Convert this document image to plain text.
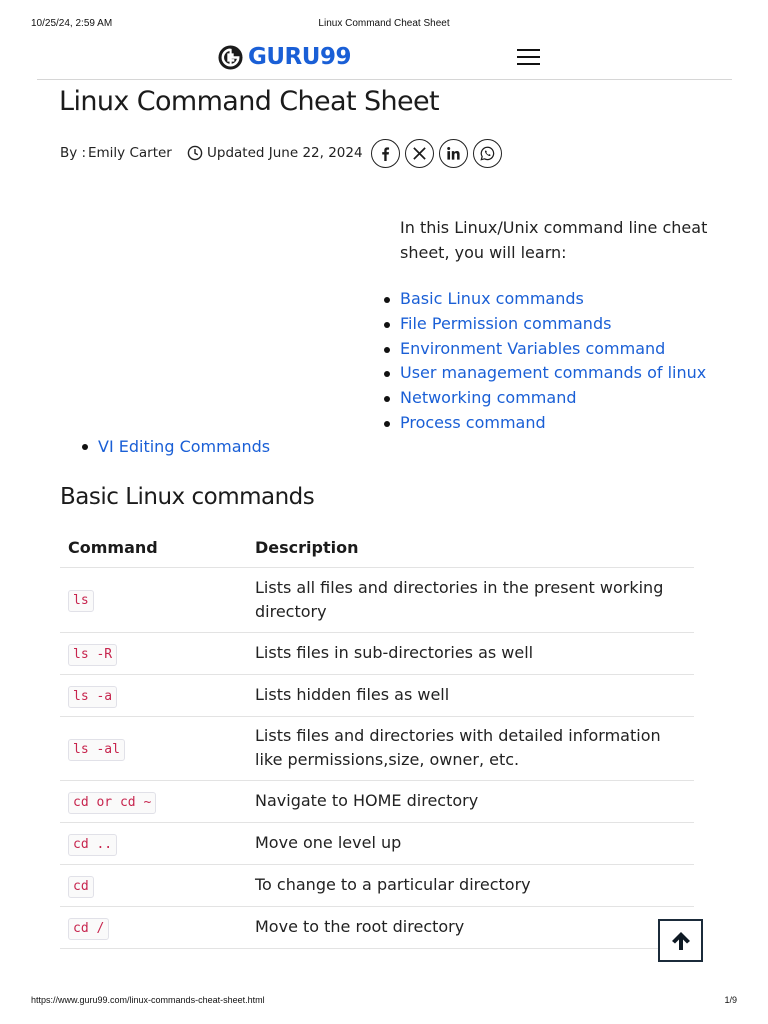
10/25/24, 2:59 AM	Linux Command Cheat Sheet
GURU99
Linux Command Cheat Sheet
By : Emily Carter	Updated June 22, 2024

In this Linux/Unix command line cheat sheet, you will learn:

Basic Linux commands
File Permission commands
Environment Variables command
User management commands of linux
Networking command
Process command
VI Editing Commands
Basic Linux commands
Command	Description
ls	Lists all files and directories in the present working directory
ls -R	Lists files in sub-directories as well
ls -a	Lists hidden files as well
ls -al	Lists files and directories with detailed information like permissions,size, owner, etc.
cd or cd ~	Navigate to HOME directory
cd ..	Move one level up
cd	To change to a particular directory
cd /	Move to the root directory
https://www.guru99.com/linux-commands-cheat-sheet.html	1/9
